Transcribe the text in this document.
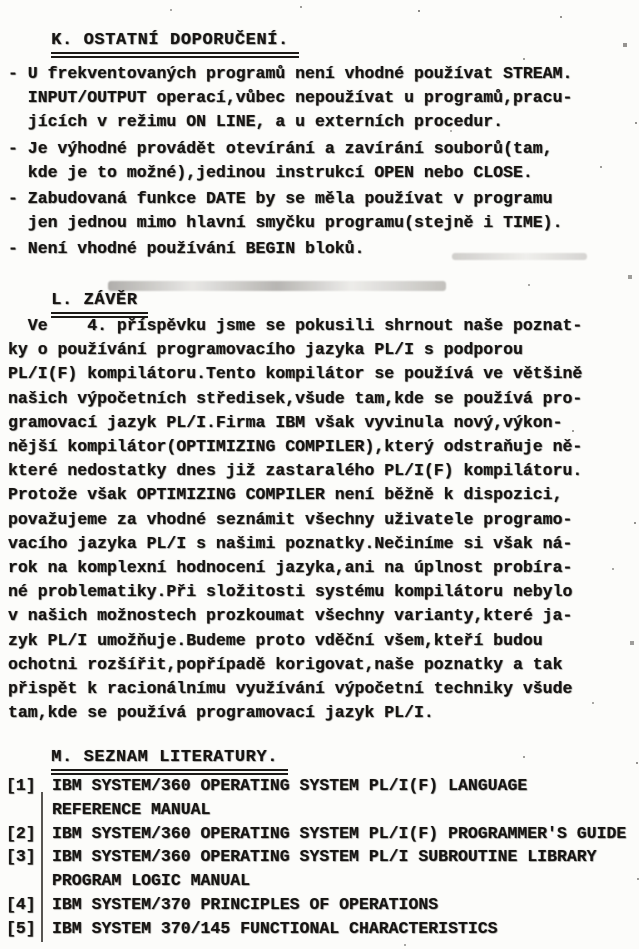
K. OSTATNÍ DOPORUČENÍ.

- U frekventovaných programů není vhodné používat STREAM.
INPUT/OUTPUT operací,vůbec nepoužívat u programů,pracu-
jících v režimu ON LINE, a u externích procedur.
- Je výhodné provádět otevírání a zavírání souborů(tam,
kde je to možné),jedinou instrukcí OPEN nebo CLOSE.
- Zabudovaná funkce DATE by se měla používat v programu
jen jednou mimo hlavní smyčku programu(stejně i TIME).
- Není vhodné používání BEGIN bloků.

L. ZÁVĚR

Ve    4. příspěvku jsme se pokusili shrnout naše poznat-
ky o používání programovacího jazyka PL/I s podporou
PL/I(F) kompilátoru.Tento kompilátor se používá ve většině
našich výpočetních středisek,všude tam,kde se používá pro-
gramovací jazyk PL/I.Firma IBM však vyvinula nový,výkon-
nější kompilátor(OPTIMIZING COMPILER),který odstraňuje ně-
které nedostatky dnes již zastaralého PL/I(F) kompilátoru.
Protože však OPTIMIZING COMPILER není běžně k dispozici,
považujeme za vhodné seznámit všechny uživatele programo-
vacího jazyka PL/I s našimi poznatky.Nečiníme si však ná-
rok na komplexní hodnocení jazyka,ani na úplnost probíra-
né problematiky.Při složitosti systému kompilátoru nebylo
v našich možnostech prozkoumat všechny varianty,které ja-
zyk PL/I umožňuje.Budeme proto vděční všem,kteří budou
ochotni rozšířit,popřípadě korigovat,naše poznatky a tak
přispět k racionálnímu využívání výpočetní techniky všude
tam,kde se používá programovací jazyk PL/I.

M. SEZNAM LITERATURY.

[1] IBM SYSTEM/360 OPERATING SYSTEM PL/I(F) LANGUAGE
REFERENCE MANUAL
[2] IBM SYSTEM/360 OPERATING SYSTEM PL/I(F) PROGRAMMER'S GUIDE
[3] IBM SYSTEM/360 OPERATING SYSTEM PL/I SUBROUTINE LIBRARY
PROGRAM LOGIC MANUAL
[4] IBM SYSTEM/370 PRINCIPLES OF OPERATIONS
[5] IBM SYSTEM 370/145 FUNCTIONAL CHARACTERISTICS
